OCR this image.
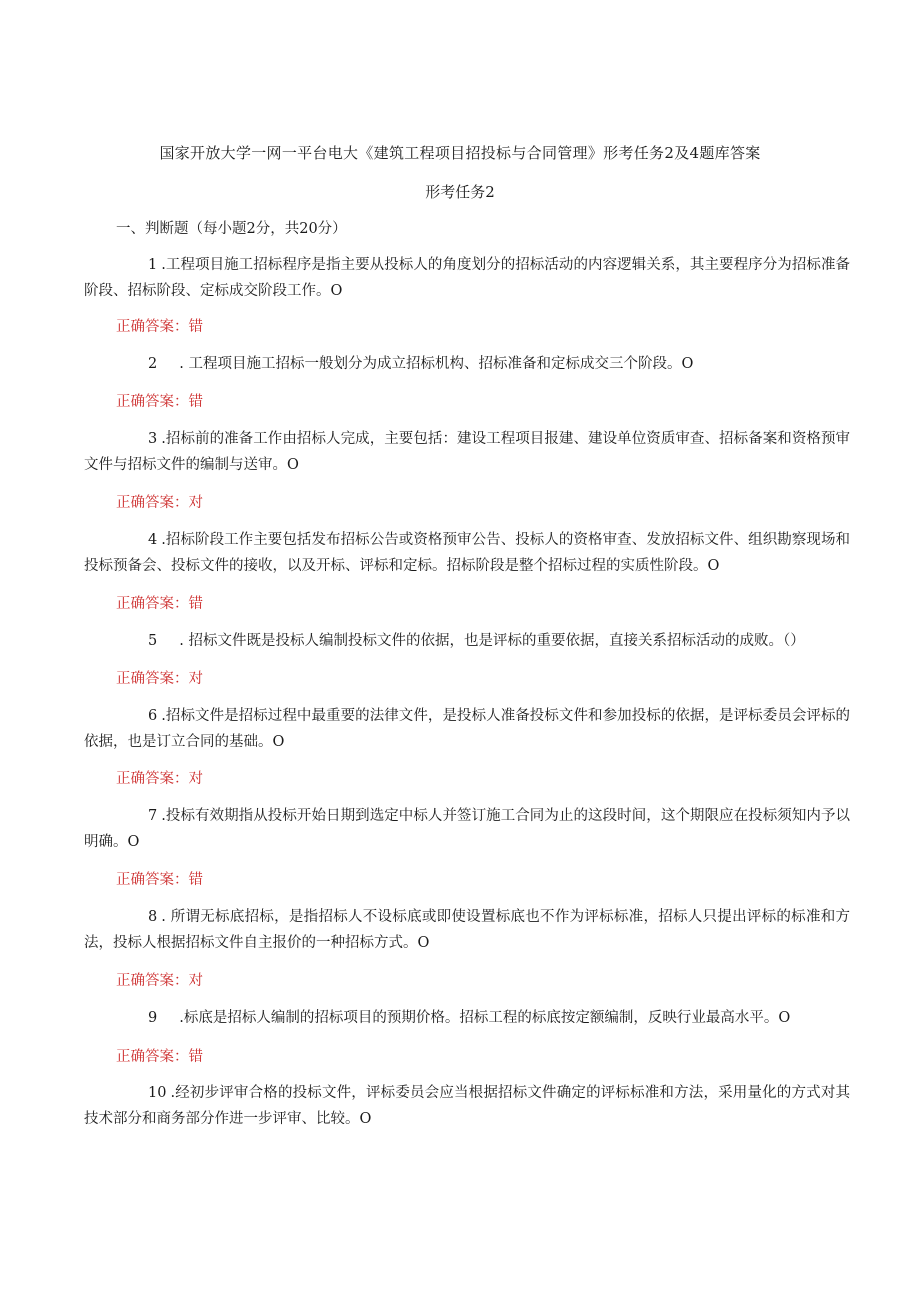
国家开放大学一网一平台电大《建筑工程项目招投标与合同管理》形考任务2及4题库答案
形考任务2
一、判断题（每小题2分，共20分）
1 .工程项目施工招标程序是指主要从投标人的角度划分的招标活动的内容逻辑关系，其主要程序分为招标准备阶段、招标阶段、定标成交阶段工作。O
正确答案：错
2 . 工程项目施工招标一般划分为成立招标机构、招标准备和定标成交三个阶段。O
正确答案：错
3 .招标前的准备工作由招标人完成，主要包括：建设工程项目报建、建设单位资质审查、招标备案和资格预审文件与招标文件的编制与送审。O
正确答案：对
4 .招标阶段工作主要包括发布招标公告或资格预审公告、投标人的资格审查、发放招标文件、组织勘察现场和投标预备会、投标文件的接收，以及开标、评标和定标。招标阶段是整个招标过程的实质性阶段。O
正确答案：错
5 . 招标文件既是投标人编制投标文件的依据，也是评标的重要依据，直接关系招标活动的成败。（）
正确答案：对
6 .招标文件是招标过程中最重要的法律文件，是投标人准备投标文件和参加投标的依据，是评标委员会评标的依据，也是订立合同的基础。O
正确答案：对
7 .投标有效期指从投标开始日期到选定中标人并签订施工合同为止的这段时间，这个期限应在投标须知内予以明确。O
正确答案：错
8 . 所谓无标底招标，是指招标人不设标底或即使设置标底也不作为评标标准，招标人只提出评标的标准和方法，投标人根据招标文件自主报价的一种招标方式。O
正确答案：对
9 .标底是招标人编制的招标项目的预期价格。招标工程的标底按定额编制，反映行业最高水平。O
正确答案：错
10 .经初步评审合格的投标文件，评标委员会应当根据招标文件确定的评标标准和方法，采用量化的方式对其技术部分和商务部分作进一步评审、比较。O
